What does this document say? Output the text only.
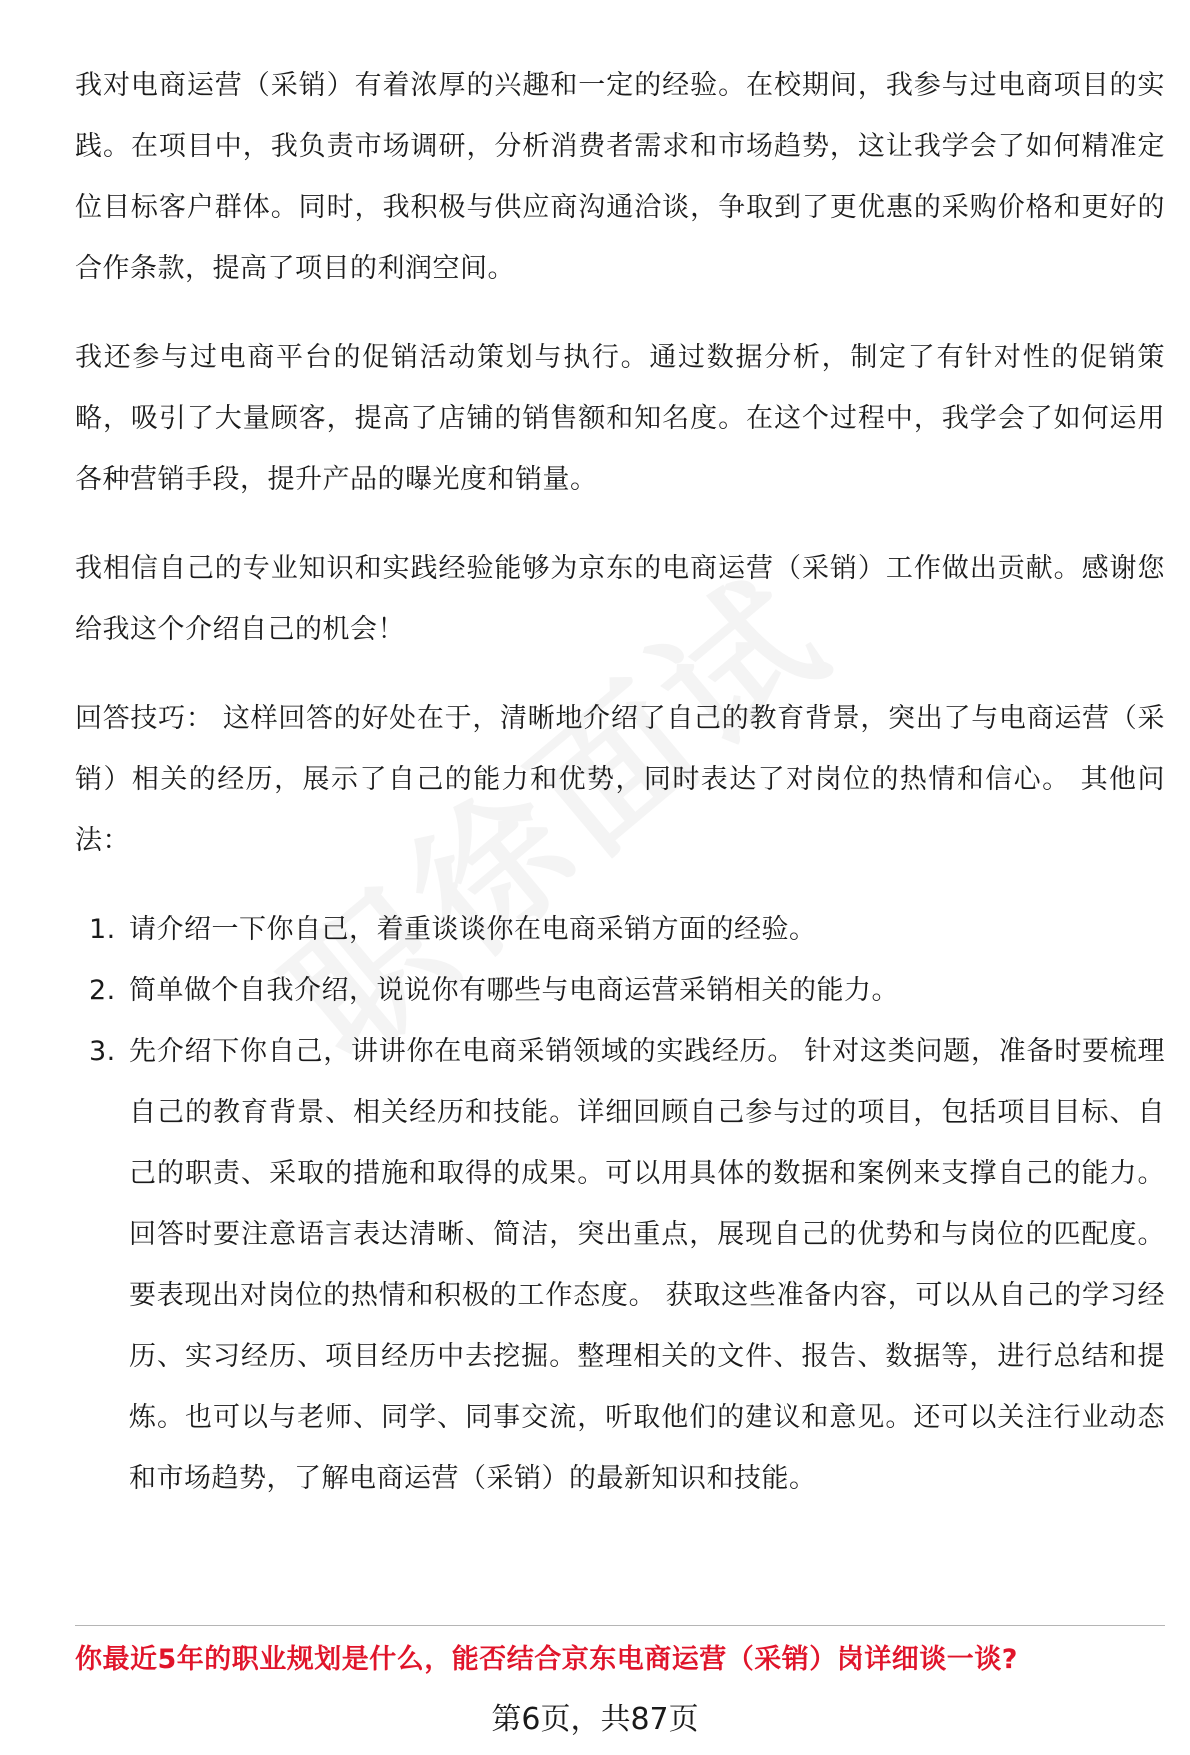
我对电商运营（采销）有着浓厚的兴趣和一定的经验。在校期间，我参与过电商项目的实践。在项目中，我负责市场调研，分析消费者需求和市场趋势，这让我学会了如何精准定位目标客户群体。同时，我积极与供应商沟通洽谈，争取到了更优惠的采购价格和更好的合作条款，提高了项目的利润空间。

我还参与过电商平台的促销活动策划与执行。通过数据分析，制定了有针对性的促销策略，吸引了大量顾客，提高了店铺的销售额和知名度。在这个过程中，我学会了如何运用各种营销手段，提升产品的曝光度和销量。

我相信自己的专业知识和实践经验能够为京东的电商运营（采销）工作做出贡献。感谢您给我这个介绍自己的机会！

回答技巧： 这样回答的好处在于，清晰地介绍了自己的教育背景，突出了与电商运营（采销）相关的经历，展示了自己的能力和优势，同时表达了对岗位的热情和信心。 其他问法：

1. 请介绍一下你自己，着重谈谈你在电商采销方面的经验。
2. 简单做个自我介绍，说说你有哪些与电商运营采销相关的能力。
3. 先介绍下你自己，讲讲你在电商采销领域的实践经历。 针对这类问题，准备时要梳理自己的教育背景、相关经历和技能。详细回顾自己参与过的项目，包括项目目标、自己的职责、采取的措施和取得的成果。可以用具体的数据和案例来支撑自己的能力。 回答时要注意语言表达清晰、简洁，突出重点，展现自己的优势和与岗位的匹配度。要表现出对岗位的热情和积极的工作态度。 获取这些准备内容，可以从自己的学习经历、实习经历、项目经历中去挖掘。整理相关的文件、报告、数据等，进行总结和提炼。也可以与老师、同学、同事交流，听取他们的建议和意见。还可以关注行业动态和市场趋势，了解电商运营（采销）的最新知识和技能。
你最近5年的职业规划是什么，能否结合京东电商运营（采销）岗详细谈一谈?
第6页，共87页
